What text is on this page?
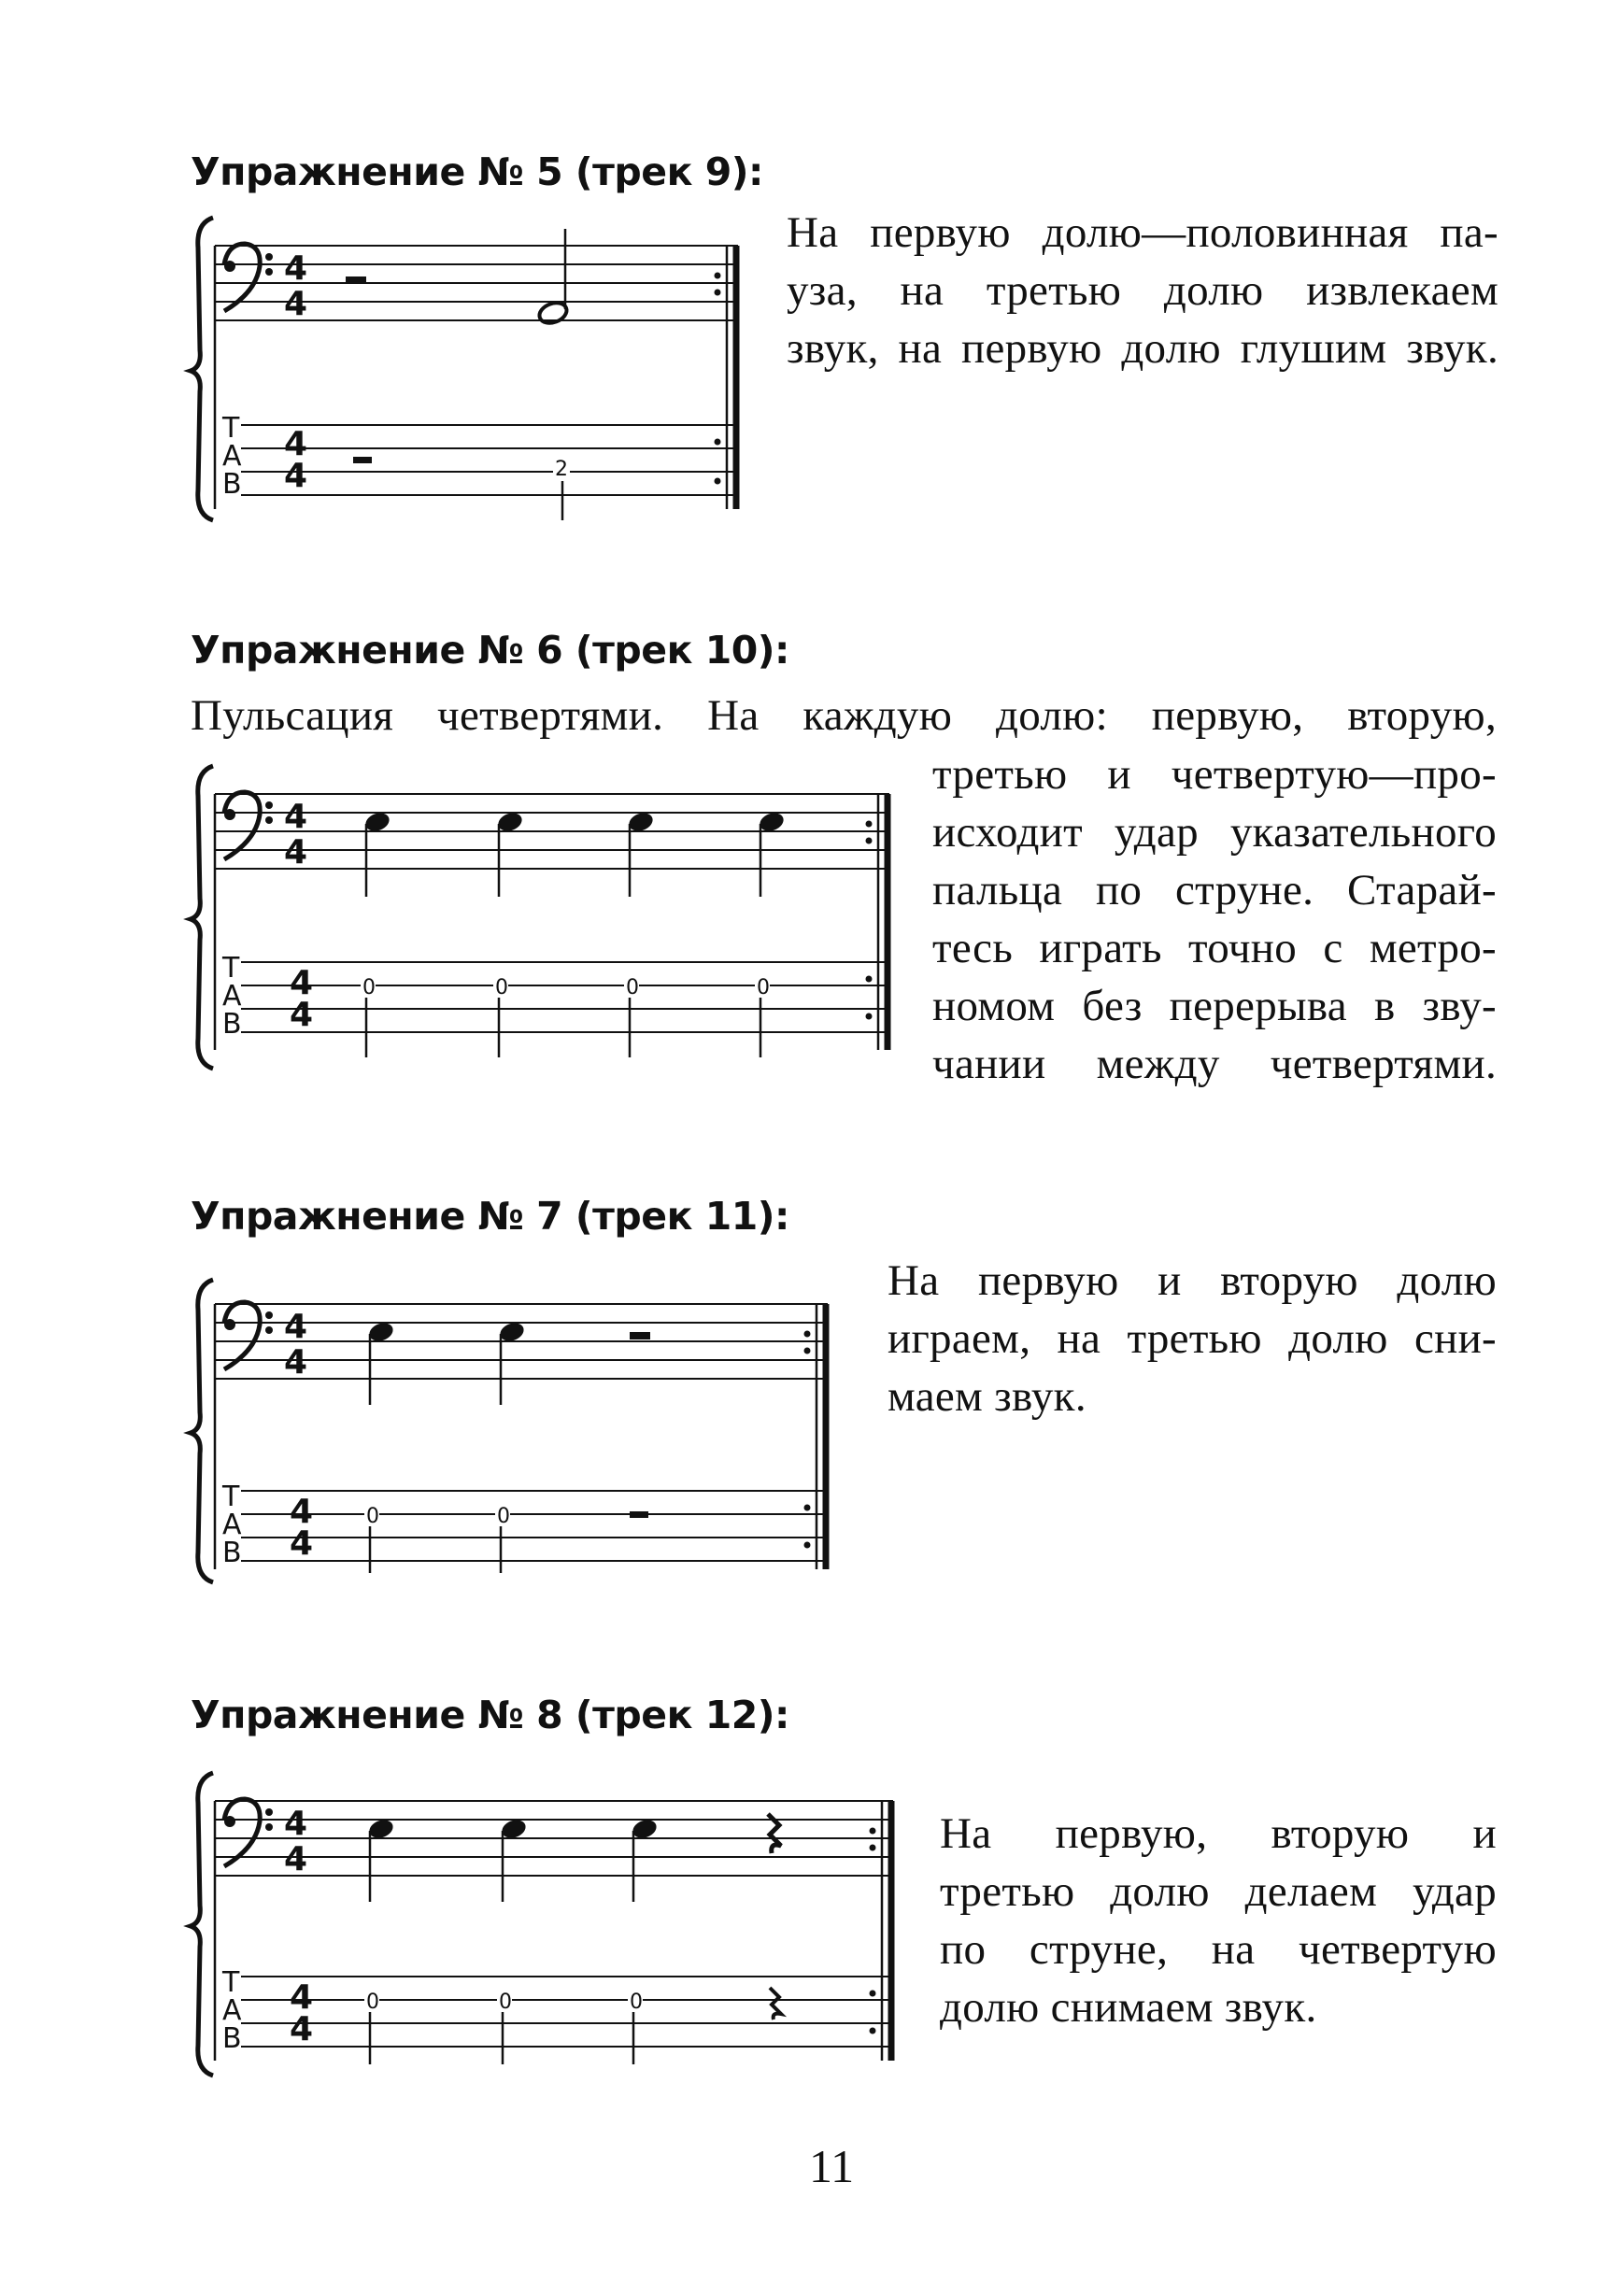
Упражнение № 5 (трек 9):
4
4
T
A
B
4
4	2
На первую долю—половинная па-
уза, на третью долю извлекаем
звук, на первую долю глушим звук.
Упражнение № 6 (трек 10):
Пульсация четвертями. На каждую долю: первую, вторую,
4
4
T
A
B
4
4
0	0	0	0
третью и четвертую—про-
исходит удар указательного
пальца по струне. Старай-
тесь играть точно с метро-
номом без перерыва в зву-
чании между четвертями.
Упражнение № 7 (трек 11):
4
4
T
A
B
4
4
0	0
На первую и вторую долю
играем, на третью долю сни-
маем звук.
Упражнение № 8 (трек 12):
4
4
T
A
B
4
4
0	0	0
На первую, вторую и
третью долю делаем удар
по струне, на четвертую
долю снимаем звук.
11
